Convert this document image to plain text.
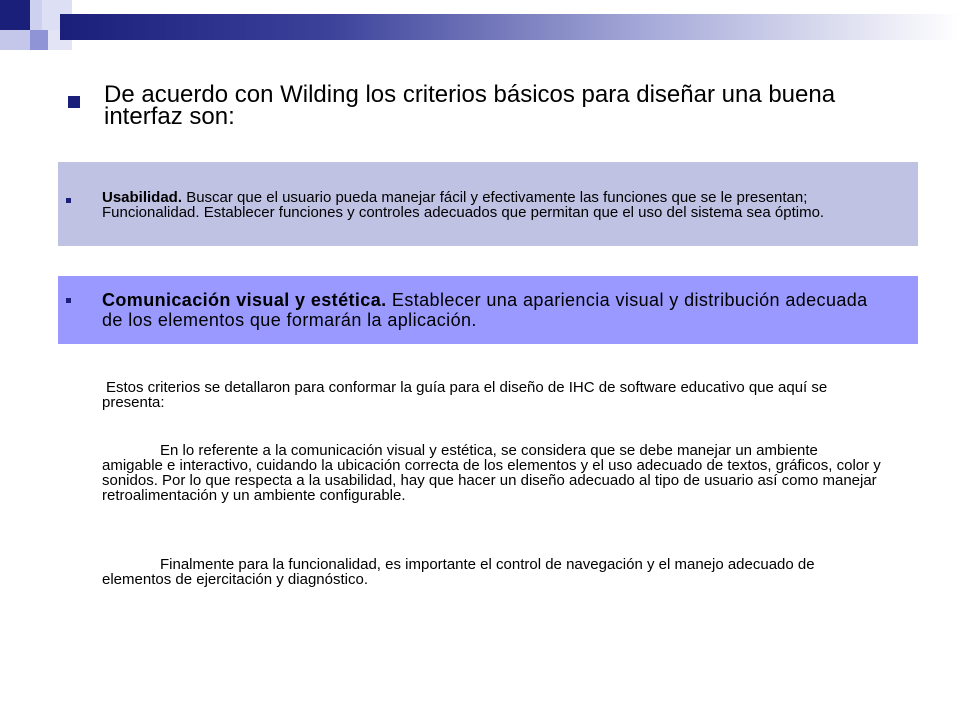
De acuerdo con Wilding los criterios básicos para diseñar una buena interfaz son:
Usabilidad. Buscar que el usuario pueda manejar fácil y efectivamente las funciones que se le presentan; Funcionalidad. Establecer funciones y controles adecuados que permitan que el uso del sistema sea óptimo.
Comunicación visual y estética. Establecer una apariencia visual y distribución adecuada de los elementos que formarán la aplicación.
Estos criterios se detallaron para conformar la guía para el diseño de IHC de software educativo que aquí se presenta:
En lo referente a la comunicación visual y estética, se considera que se debe manejar un ambiente amigable e interactivo, cuidando la ubicación correcta de los elementos y el uso adecuado de textos, gráficos, color y sonidos. Por lo que respecta a la usabilidad, hay que hacer un diseño adecuado al tipo de usuario así como manejar retroalimentación y un ambiente configurable.
Finalmente para la funcionalidad, es importante el control de navegación y el manejo adecuado de elementos de ejercitación y diagnóstico.
